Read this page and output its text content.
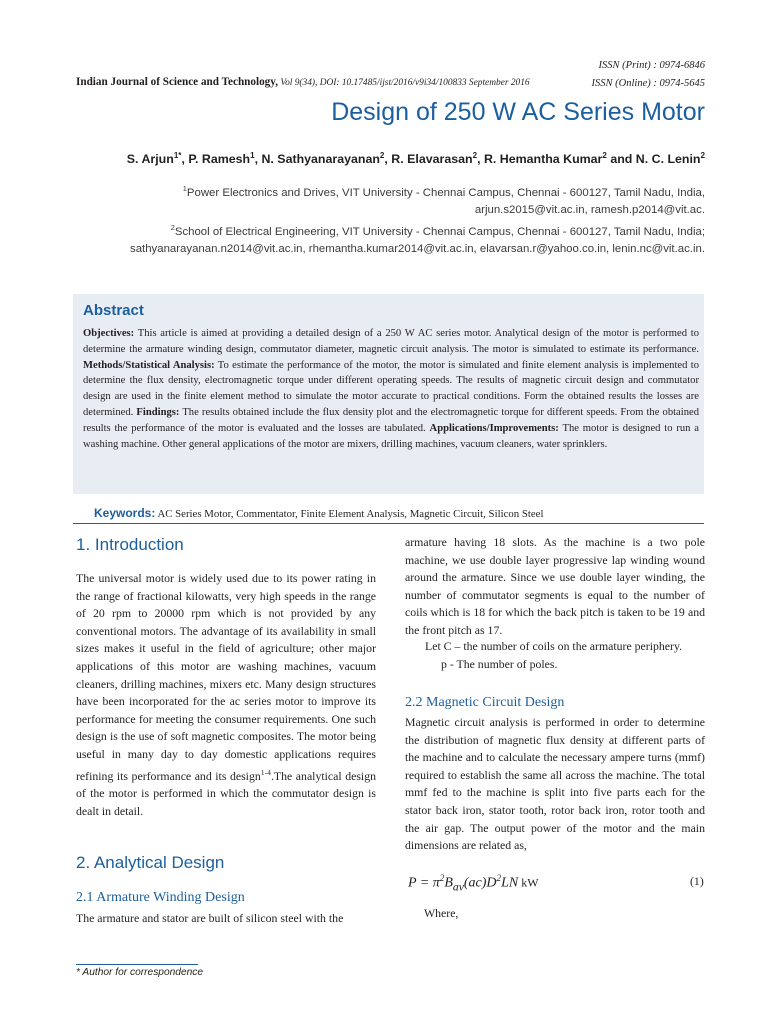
Indian Journal of Science and Technology, Vol 9(34), DOI: 10.17485/ijst/2016/v9i34/100833 September 2016
ISSN (Print) : 0974-6846
ISSN (Online) : 0974-5645
Design of 250 W AC Series Motor
S. Arjun$^{1*}$, P. Ramesh$^1$, N. Sathyanarayanan$^2$, R. Elavarasan$^2$, R. Hemantha Kumar$^2$ and N. C. Lenin$^2$
$^1$Power Electronics and Drives, VIT University - Chennai Campus, Chennai - 600127, Tamil Nadu, India,
arjun.s2015@vit.ac.in, ramesh.p2014@vit.ac.
$^2$School of Electrical Engineering, VIT University - Chennai Campus, Chennai - 600127, Tamil Nadu, India;
sathyanarayanan.n2014@vit.ac.in, rhemantha.kumar2014@vit.ac.in, elavarsan.r@yahoo.co.in, lenin.nc@vit.ac.in.
Abstract
Objectives: This article is aimed at providing a detailed design of a 250 W AC series motor. Analytical design of the motor is performed to determine the armature winding design, commutator diameter, magnetic circuit analysis. The motor is simulated to estimate its performance. Methods/Statistical Analysis: To estimate the performance of the motor, the motor is simulated and finite element analysis is implemented to determine the flux density, electromagnetic torque under different operating speeds. The results of magnetic circuit design and commutator design are used in the finite element method to simulate the motor accurate to practical conditions. Form the obtained results the losses are determined. Findings: The results obtained include the flux density plot and the electromagnetic torque for different speeds. From the obtained results the performance of the motor is evaluated and the losses are tabulated. Applications/Improvements: The motor is designed to run a washing machine. Other general applications of the motor are mixers, drilling machines, vacuum cleaners, water sprinklers.
Keywords: AC Series Motor, Commentator, Finite Element Analysis, Magnetic Circuit, Silicon Steel
1. Introduction
The universal motor is widely used due to its power rating in the range of fractional kilowatts, very high speeds in the range of 20 rpm to 20000 rpm which is not provided by any conventional motors. The advantage of its availability in small sizes makes it useful in the field of agriculture; other major applications of this motor are washing machines, vacuum cleaners, drilling machines, mixers etc. Many design structures have been incorporated for the ac series motor to improve its performance for meeting the consumer requirements. One such design is the use of soft magnetic composites. The motor being useful in many day to day domestic applications requires refining its performance and its design$^{1-4}$.The analytical design of the motor is performed in which the commutator design is dealt in detail.
2. Analytical Design
2.1 Armature Winding Design
The armature and stator are built of silicon steel with the
armature having 18 slots. As the machine is a two pole machine, we use double layer progressive lap winding wound around the armature. Since we use double layer winding, the number of commutator segments is equal to the number of coils which is 18 for which the back pitch is taken to be 19 and the front pitch as 17.
Let C – the number of coils on the armature periphery.
p - The number of poles.
2.2 Magnetic Circuit Design
Magnetic circuit analysis is performed in order to determine the distribution of magnetic flux density at different parts of the machine and to calculate the necessary ampere turns (mmf) required to establish the same all across the machine. The total mmf fed to the machine is split into five parts each for the stator back iron, stator tooth, rotor back iron, rotor tooth and the air gap. The output power of the motor and the main dimensions are related as,
$P = \pi^2B_{av}(ac)D^2LN$ kW	(1)
Where,
* Author for correspondence
